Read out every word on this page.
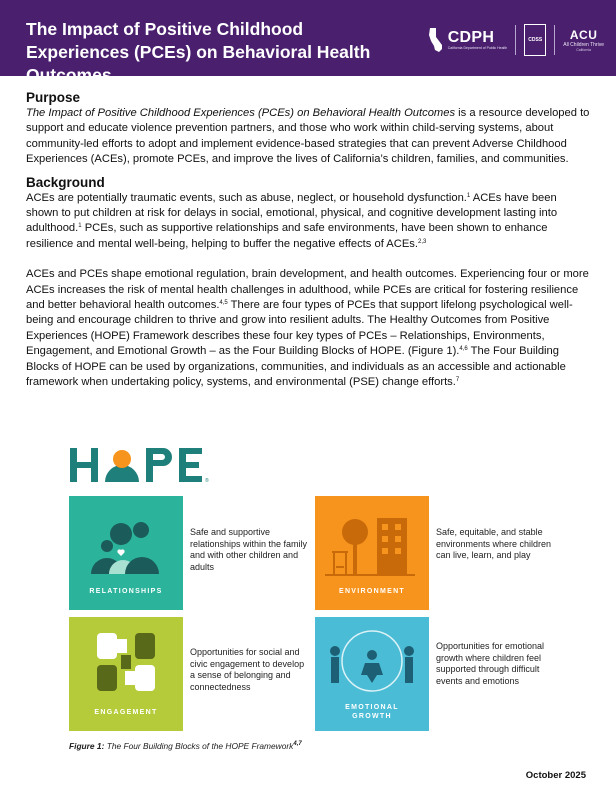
The Impact of Positive Childhood Experiences (PCEs) on Behavioral Health Outcomes
CDPH
California Department of Public Health
CDSS	ACU
All Children Thrive
California
Purpose

The Impact of Positive Childhood Experiences (PCEs) on Behavioral Health Outcomes is a resource developed to support and educate violence prevention partners, and those who work within child-serving systems, about community-led efforts to adopt and implement evidence-based strategies that can prevent Adverse Childhood Experiences (ACEs), promote PCEs, and improve the lives of California’s children, families, and communities.

Background

ACEs are potentially traumatic events, such as abuse, neglect, or household dysfunction.$^1$ ACEs have been shown to put children at risk for delays in social, emotional, physical, and cognitive development lasting into adulthood.$^1$ PCEs, such as supportive relationships and safe environments, have been shown to enhance resilience and mental well-being, helping to buffer the negative effects of ACEs.$^{2,3}$

ACEs and PCEs shape emotional regulation, brain development, and health outcomes. Experiencing four or more ACEs increases the risk of mental health challenges in adulthood, while PCEs are critical for fostering resilience and better behavioral health outcomes.$^{4,5}$ There are four types of PCEs that support lifelong psychological well-being and encourage children to thrive and grow into resilient adults. The Healthy Outcomes from Positive Experiences (HOPE) Framework describes these four key types of PCEs – Relationships, Environments, Engagement, and Emotional Growth – as the Four Building Blocks of HOPE. (Figure 1).$^{4,6}$ The Four Building Blocks of HOPE can be used by organizations, communities, and individuals as an accessible and actionable framework when undertaking policy, systems, and environmental (PSE) change efforts.$^7$

®
RELATIONSHIPS
Safe and supportive relationships within the family and with other children and adults
ENVIRONMENT
Safe, equitable, and stable environments where children can live, learn, and play
ENGAGEMENT
Opportunities for social and civic engagement to develop a sense of belonging and connectedness
EMOTIONAL
GROWTH
Opportunities for emotional growth where children feel supported through difficult events and emotions
Figure 1: The Four Building Blocks of the HOPE Framework$^{4,7}$
October 2025
